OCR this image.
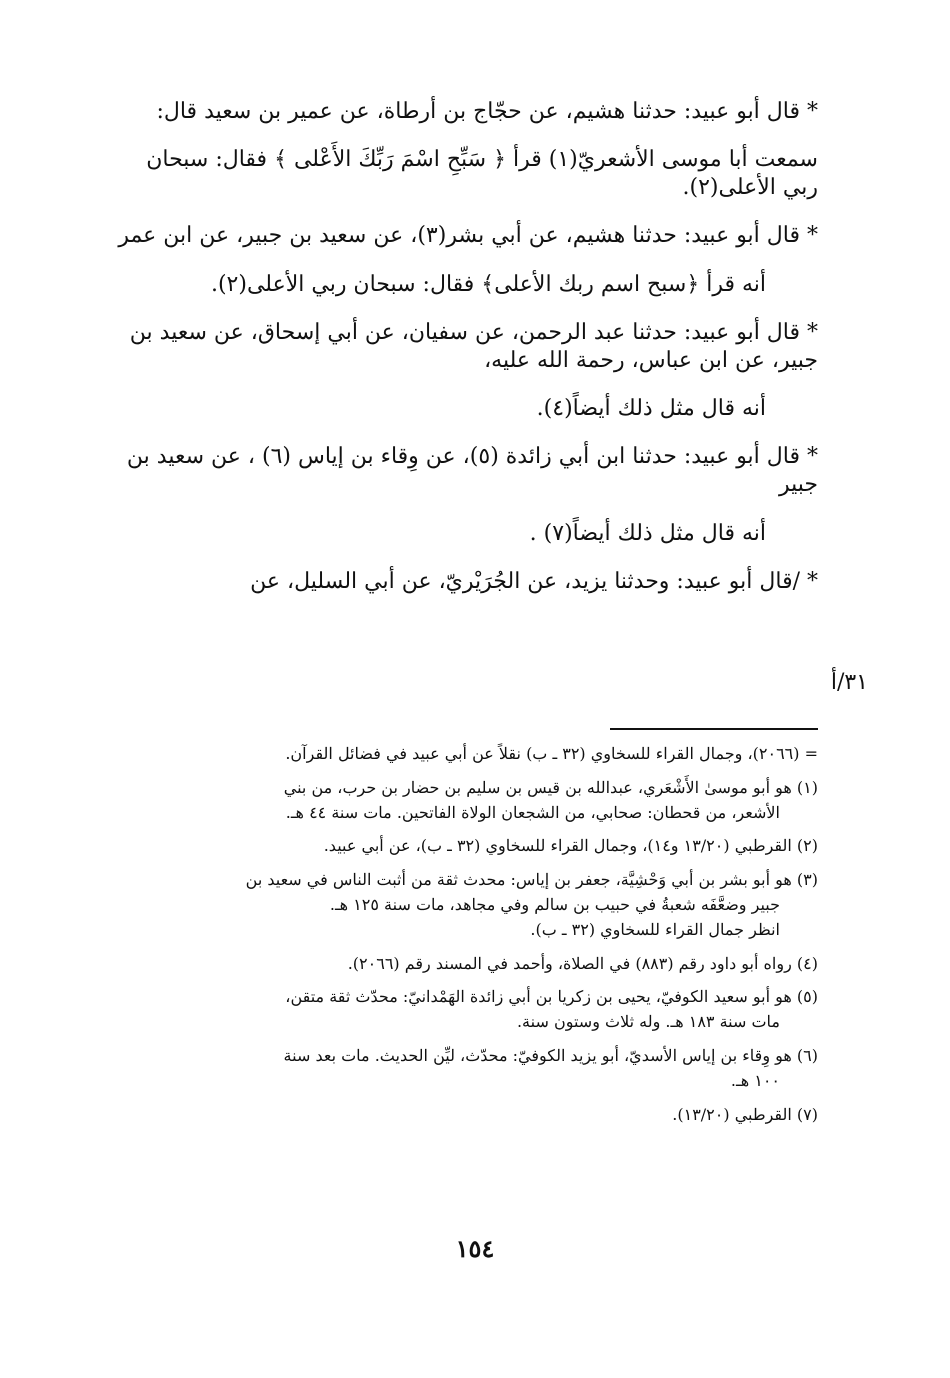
* قال أبو عبيد: حدثنا هشيم، عن حجّاج بن أرطاة، عن عمير بن سعيد قال:

سمعت أبا موسى الأشعريّ(١) قرأ ﴿ سَبِّحِ اسْمَ رَبِّكَ الأَعْلى ﴾ فقال: سبحان ربي الأعلى(٢).

* قال أبو عبيد: حدثنا هشيم، عن أبي بشر(٣)، عن سعيد بن جبير، عن ابن عمر

أنه قرأ ﴿سبح اسم ربك الأعلى﴾ فقال: سبحان ربي الأعلى(٢).

* قال أبو عبيد: حدثنا عبد الرحمن، عن سفيان، عن أبي إسحاق، عن سعيد بن جبير، عن ابن عباس، رحمة الله عليه،

أنه قال مثل ذلك أيضاً(٤).

* قال أبو عبيد: حدثنا ابن أبي زائدة (٥)، عن وِقاء بن إياس (٦) ، عن سعيد بن جبير

أنه قال مثل ذلك أيضاً(٧) .

* /قال أبو عبيد: وحدثنا يزيد، عن الجُرَيْريّ، عن أبي السليل، عن

٣١/أ

= (٢٠٦٦)، وجمال القراء للسخاوي (٣٢ ـ ب) نقلاً عن أبي عبيد في فضائل القرآن.

(١) هو أبو موسىٰ الأَشْعَري، عبدالله بن قيس بن سليم بن حضار بن حرب، من بني
الأشعر، من قحطان: صحابي، من الشجعان الولاة الفاتحين. مات سنة ٤٤ هـ.

(٢) القرطبي (١٣/٢٠ و١٤)، وجمال القراء للسخاوي (٣٢ ـ ب)، عن أبي عبيد.

(٣) هو أبو بشر بن أبي وَحْشِيَّة، جعفر بن إياس: محدث ثقة من أثبت الناس في سعيد بن
جبير وضعَّفَه شعبةُ في حبيب بن سالم وفي مجاهد، مات سنة ١٢٥ هـ.
انظر جمال القراء للسخاوي (٣٢ ـ ب).

(٤) رواه أبو داود رقم (٨٨٣) في الصلاة، وأحمد في المسند رقم (٢٠٦٦).

(٥) هو أبو سعيد الكوفيّ، يحيى بن زكريا بن أبي زائدة الهَمْدانيّ: محدّث ثقة متقن،
مات سنة ١٨٣ هـ. وله ثلاث وستون سنة.

(٦) هو وِقاء بن إياس الأسديّ، أبو يزيد الكوفيّ: محدّث، ليِّن الحديث. مات بعد سنة
١٠٠ هـ.

(٧) القرطبي (١٣/٢٠).

١٥٤
